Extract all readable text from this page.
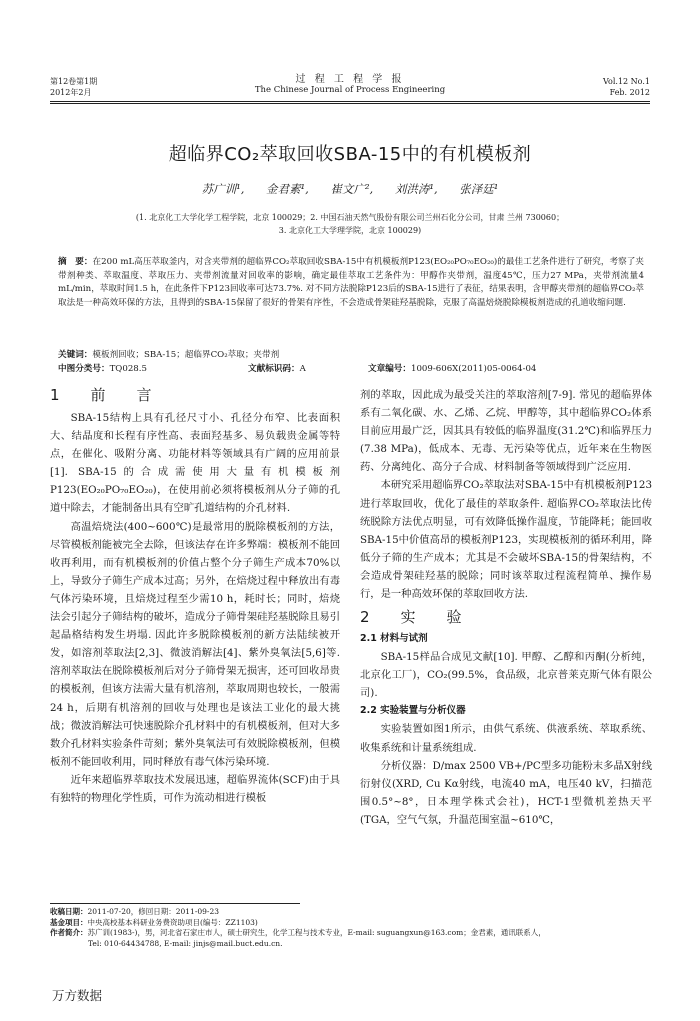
第12卷第1期
2012年2月
过 程 工 程 学 报
The Chinese Journal of Process Engineering
Vol.12 No.1
Feb. 2012
超临界CO₂萃取回收SBA-15中的有机模板剂
苏广训¹, 金君素¹, 崔文广², 刘洪涛¹, 张泽廷¹
(1. 北京化工大学化学工程学院，北京 100029；2. 中国石油天然气股份有限公司兰州石化分公司，甘肃 兰州 730060；
3. 北京化工大学理学院，北京 100029)
摘　要：在200 mL高压萃取釜内，对含夹带剂的超临界CO₂萃取回收SBA-15中有机模板剂P123(EO₂₀PO₇₀EO₂₀)的最佳工艺条件进行了研究，考察了夹带剂种类、萃取温度、萃取压力、夹带剂流量对回收率的影响，确定最佳萃取工艺条件为：甲醇作夹带剂，温度45℃，压力27 MPa，夹带剂流量4 mL/min，萃取时间1.5 h，在此条件下P123回收率可达73.7%. 对不同方法脱除P123后的SBA-15进行了表征，结果表明，含甲醇夹带剂的超临界CO₂萃取法是一种高效环保的方法，且得到的SBA-15保留了很好的骨架有序性，不会造成骨架硅羟基脱除，克服了高温焙烧脱除模板剂造成的孔道收缩问题.
关键词：模板剂回收；SBA-15；超临界CO₂萃取；夹带剂
中图分类号：TQ028.5	文献标识码：A	文章编号：1009-606X(2011)05-0064-04
1　前　言

SBA-15结构上具有孔径尺寸小、孔径分布窄、比表面积大、结晶度和长程有序性高、表面羟基多、易负载贵金属等特点，在催化、吸附分离、功能材料等领域具有广阔的应用前景[1]. SBA-15的合成需使用大量有机模板剂P123(EO₂₀PO₇₀EO₂₀)，在使用前必须将模板剂从分子筛的孔道中除去，才能制备出具有空旷孔道结构的介孔材料.

高温焙烧法(400~600℃)是最常用的脱除模板剂的方法，尽管模板剂能被完全去除，但该法存在许多弊端：模板剂不能回收再利用，而有机模板剂的价值占整个分子筛生产成本70%以上，导致分子筛生产成本过高；另外，在焙烧过程中释放出有毒气体污染环境，且焙烧过程至少需10 h，耗时长；同时，焙烧法会引起分子筛结构的破坏，造成分子筛骨架硅羟基脱除且易引起晶格结构发生坍塌. 因此许多脱除模板剂的新方法陆续被开发，如溶剂萃取法[2,3]、微波消解法[4]、紫外臭氧法[5,6]等. 溶剂萃取法在脱除模板剂后对分子筛骨架无损害，还可回收昂贵的模板剂，但该方法需大量有机溶剂，萃取周期也较长，一般需24 h，后期有机溶剂的回收与处理也是该法工业化的最大挑战；微波消解法可快速脱除介孔材料中的有机模板剂，但对大多数介孔材料实验条件苛刻；紫外臭氧法可有效脱除模板剂，但模板剂不能回收利用，同时释放有毒气体污染环境.

近年来超临界萃取技术发展迅速，超临界流体(SCF)由于具有独特的物理化学性质，可作为流动相进行模板

剂的萃取，因此成为最受关注的萃取溶剂[7-9]. 常见的超临界体系有二氧化碳、水、乙烯、乙烷、甲醇等，其中超临界CO₂体系目前应用最广泛，因其具有较低的临界温度(31.2℃)和临界压力(7.38 MPa)，低成本、无毒、无污染等优点，近年来在生物医药、分离纯化、高分子合成、材料制备等领域得到广泛应用.

本研究采用超临界CO₂萃取法对SBA-15中有机模板剂P123进行萃取回收，优化了最佳的萃取条件. 超临界CO₂萃取法比传统脱除方法优点明显，可有效降低操作温度，节能降耗；能回收SBA-15中价值高昂的模板剂P123，实现模板剂的循环利用，降低分子筛的生产成本；尤其是不会破坏SBA-15的骨架结构，不会造成骨架硅羟基的脱除；同时该萃取过程流程简单、操作易行，是一种高效环保的萃取回收方法.

2　实　验
2.1 材料与试剂

SBA-15样品合成见文献[10]. 甲醇、乙醇和丙酮(分析纯，北京化工厂)，CO₂(99.5%，食品级，北京普莱克斯气体有限公司).

2.2 实验装置与分析仪器

实验装置如图1所示，由供气系统、供液系统、萃取系统、收集系统和计量系统组成.

分析仪器：D/max 2500 VB+/PC型多功能粉末多晶X射线衍射仪(XRD, Cu Kα射线，电流40 mA，电压40 kV，扫描范围0.5°~8°，日本理学株式会社)，HCT-1型微机差热天平(TGA，空气气氛，升温范围室温~610℃，

收稿日期：2011-07-20，修回日期：2011-09-23
基金项目：中央高校基本科研业务费资助项目(编号：ZZ1103)
作者简介：苏广训(1983-)，男，河北省石家庄市人，硕士研究生，化学工程与技术专业，E-mail: suguangxun@163.com；金君素，通讯联系人，
Tel: 010-64434788, E-mail: jinjs@mail.buct.edu.cn.
万方数据
